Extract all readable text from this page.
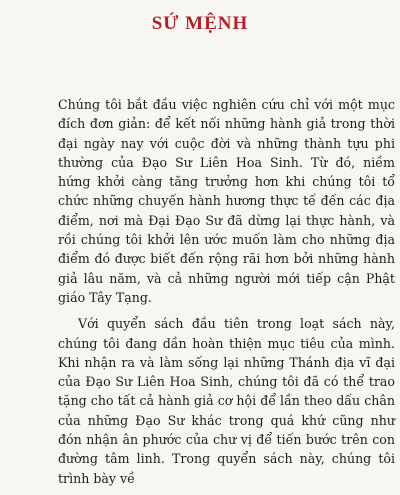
SỨ MỆNH

Chúng tôi bắt đầu việc nghiên cứu chỉ với một mục đích đơn giản: để kết nối những hành giả trong thời đại ngày nay với cuộc đời và những thành tựu phi thường của Đạo Sư Liên Hoa Sinh. Từ đó, niềm hứng khởi càng tăng trưởng hơn khi chúng tôi tổ chức những chuyến hành hương thực tế đến các địa điểm, nơi mà Đại Đạo Sư đã dừng lại thực hành, và rồi chúng tôi khởi lên ước muốn làm cho những địa điểm đó được biết đến rộng rãi hơn bởi những hành giả lâu năm, và cả những người mới tiếp cận Phật giáo Tây Tạng.

Với quyển sách đầu tiên trong loạt sách này, chúng tôi đang dần hoàn thiện mục tiêu của mình. Khi nhận ra và làm sống lại những Thánh địa vĩ đại của Đạo Sư Liên Hoa Sinh, chúng tôi đã có thể trao tặng cho tất cả hành giả cơ hội để lần theo dấu chân của những Đạo Sư khác trong quá khứ cũng như đón nhận ân phước của chư vị để tiến bước trên con đường tâm linh. Trong quyển sách này, chúng tôi trình bày về
